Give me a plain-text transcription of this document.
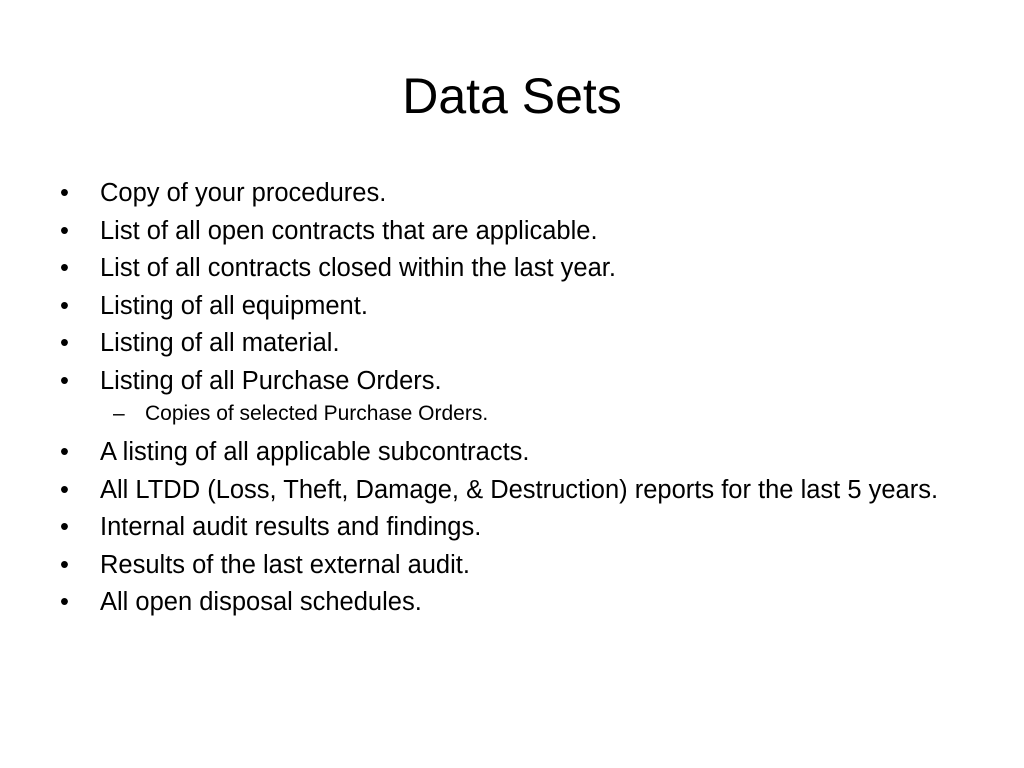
Data Sets
•	Copy of your procedures.
•	List of all open contracts that are applicable.
•	List of all contracts closed within the last year.
•	Listing of all equipment.
•	Listing of all material.
•	Listing of all Purchase Orders.
– Copies of selected Purchase Orders.
•	A listing of all applicable subcontracts.
•	All LTDD (Loss, Theft, Damage, & Destruction) reports for the last 5 years.
•	Internal audit results and findings.
•	Results of the last external audit.
•	All open disposal schedules.
